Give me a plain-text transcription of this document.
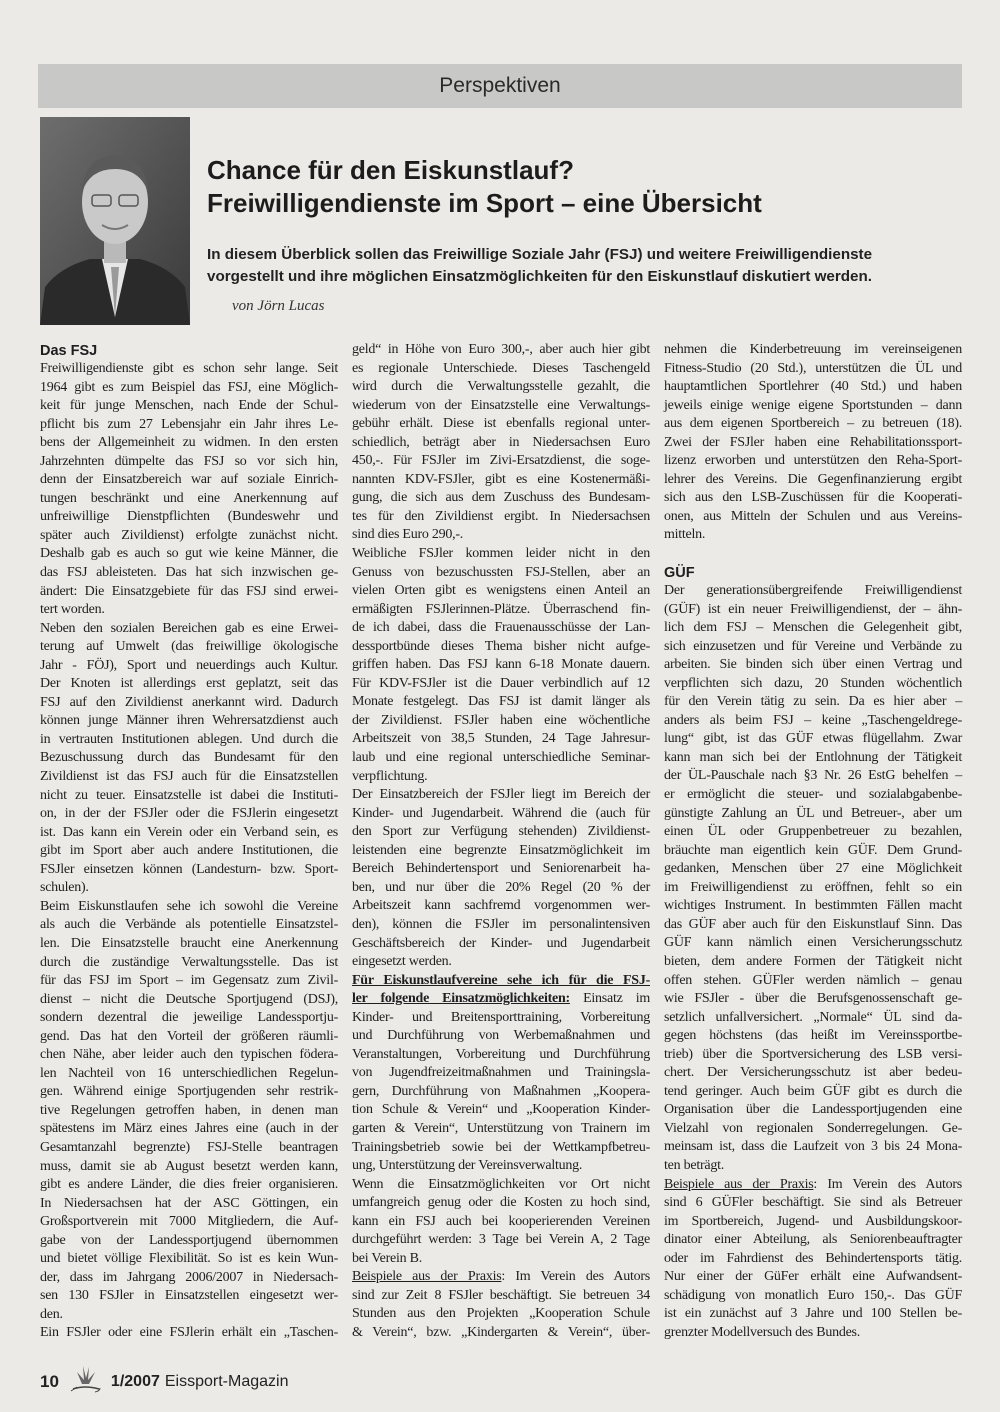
Perspektiven
Chance für den Eiskunstlauf?
Freiwilligendienste im Sport – eine Übersicht
In diesem Überblick sollen das Freiwillige Soziale Jahr (FSJ) und weitere Freiwilligendienste
vorgestellt und ihre möglichen Einsatzmöglichkeiten für den Eiskunstlauf diskutiert werden.
von Jörn Lucas
Das FSJ
Freiwilligendienste gibt es schon sehr lange. Seit
1964 gibt es zum Beispiel das FSJ, eine Möglich-
keit für junge Menschen, nach Ende der Schul-
pflicht bis zum 27 Lebensjahr ein Jahr ihres Le-
bens der Allgemeinheit zu widmen. In den ersten
Jahrzehnten dümpelte das FSJ so vor sich hin,
denn der Einsatzbereich war auf soziale Einrich-
tungen beschränkt und eine Anerkennung auf
unfreiwillige Dienstpflichten (Bundeswehr und
später auch Zivildienst) erfolgte zunächst nicht.
Deshalb gab es auch so gut wie keine Männer, die
das FSJ ableisteten. Das hat sich inzwischen ge-
ändert: Die Einsatzgebiete für das FSJ sind erwei-
tert worden.
Neben den sozialen Bereichen gab es eine Erwei-
terung auf Umwelt (das freiwillige ökologische
Jahr - FÖJ), Sport und neuerdings auch Kultur.
Der Knoten ist allerdings erst geplatzt, seit das
FSJ auf den Zivildienst anerkannt wird. Dadurch
können junge Männer ihren Wehrersatzdienst auch
in vertrauten Institutionen ablegen. Und durch die
Bezuschussung durch das Bundesamt für den
Zivildienst ist das FSJ auch für die Einsatzstellen
nicht zu teuer. Einsatzstelle ist dabei die Instituti-
on, in der der FSJler oder die FSJlerin eingesetzt
ist. Das kann ein Verein oder ein Verband sein, es
gibt im Sport aber auch andere Institutionen, die
FSJler einsetzen können (Landesturn- bzw. Sport-
schulen).
Beim Eiskunstlaufen sehe ich sowohl die Vereine
als auch die Verbände als potentielle Einsatzstel-
len. Die Einsatzstelle braucht eine Anerkennung
durch die zuständige Verwaltungsstelle. Das ist
für das FSJ im Sport – im Gegensatz zum Zivil-
dienst – nicht die Deutsche Sportjugend (DSJ),
sondern dezentral die jeweilige Landessportju-
gend. Das hat den Vorteil der größeren räumli-
chen Nähe, aber leider auch den typischen födera-
len Nachteil von 16 unterschiedlichen Regelun-
gen. Während einige Sportjugenden sehr restrik-
tive Regelungen getroffen haben, in denen man
spätestens im März eines Jahres eine (auch in der
Gesamtanzahl begrenzte) FSJ-Stelle beantragen
muss, damit sie ab August besetzt werden kann,
gibt es andere Länder, die dies freier organisieren.
In Niedersachsen hat der ASC Göttingen, ein
Großsportverein mit 7000 Mitgliedern, die Auf-
gabe von der Landessportjugend übernommen
und bietet völlige Flexibilität. So ist es kein Wun-
der, dass im Jahrgang 2006/2007 in Niedersach-
sen 130 FSJler in Einsatzstellen eingesetzt wer-
den.
Ein FSJler oder eine FSJlerin erhält ein „Taschen-
geld“ in Höhe von Euro 300,-, aber auch hier gibt
es regionale Unterschiede. Dieses Taschengeld
wird durch die Verwaltungsstelle gezahlt, die
wiederum von der Einsatzstelle eine Verwaltungs-
gebühr erhält. Diese ist ebenfalls regional unter-
schiedlich, beträgt aber in Niedersachsen Euro
450,-. Für FSJler im Zivi-Ersatzdienst, die soge-
nannten KDV-FSJler, gibt es eine Kostenermäßi-
gung, die sich aus dem Zuschuss des Bundesam-
tes für den Zivildienst ergibt. In Niedersachsen
sind dies Euro 290,-.
Weibliche FSJler kommen leider nicht in den
Genuss von bezuschussten FSJ-Stellen, aber an
vielen Orten gibt es wenigstens einen Anteil an
ermäßigten FSJlerinnen-Plätze. Überraschend fin-
de ich dabei, dass die Frauenausschüsse der Lan-
dessportbünde dieses Thema bisher nicht aufge-
griffen haben. Das FSJ kann 6-18 Monate dauern.
Für KDV-FSJler ist die Dauer verbindlich auf 12
Monate festgelegt. Das FSJ ist damit länger als
der Zivildienst. FSJler haben eine wöchentliche
Arbeitszeit von 38,5 Stunden, 24 Tage Jahresur-
laub und eine regional unterschiedliche Seminar-
verpflichtung.
Der Einsatzbereich der FSJler liegt im Bereich der
Kinder- und Jugendarbeit. Während die (auch für
den Sport zur Verfügung stehenden) Zivildienst-
leistenden eine begrenzte Einsatzmöglichkeit im
Bereich Behindertensport und Seniorenarbeit ha-
ben, und nur über die 20% Regel (20 % der
Arbeitszeit kann sachfremd vorgenommen wer-
den), können die FSJler im personalintensiven
Geschäftsbereich der Kinder- und Jugendarbeit
eingesetzt werden.
Für Eiskunstlaufvereine sehe ich für die FSJ-
ler folgende Einsatzmöglichkeiten: Einsatz im
Kinder- und Breitensporttraining, Vorbereitung
und Durchführung von Werbemaßnahmen und
Veranstaltungen, Vorbereitung und Durchführung
von Jugendfreizeitmaßnahmen und Trainingsla-
gern, Durchführung von Maßnahmen „Koopera-
tion Schule & Verein“ und „Kooperation Kinder-
garten & Verein“, Unterstützung von Trainern im
Trainingsbetrieb sowie bei der Wettkampfbetreu-
ung, Unterstützung der Vereinsverwaltung.
Wenn die Einsatzmöglichkeiten vor Ort nicht
umfangreich genug oder die Kosten zu hoch sind,
kann ein FSJ auch bei kooperierenden Vereinen
durchgeführt werden: 3 Tage bei Verein A, 2 Tage
bei Verein B.
Beispiele aus der Praxis: Im Verein des Autors
sind zur Zeit 8 FSJler beschäftigt. Sie betreuen 34
Stunden aus den Projekten „Kooperation Schule
& Verein“, bzw. „Kindergarten & Verein“, über-
nehmen die Kinderbetreuung im vereinseigenen
Fitness-Studio (20 Std.), unterstützen die ÜL und
hauptamtlichen Sportlehrer (40 Std.) und haben
jeweils einige wenige eigene Sportstunden – dann
aus dem eigenen Sportbereich – zu betreuen (18).
Zwei der FSJler haben eine Rehabilitationssport-
lizenz erworben und unterstützen den Reha-Sport-
lehrer des Vereins. Die Gegenfinanzierung ergibt
sich aus den LSB-Zuschüssen für die Kooperati-
onen, aus Mitteln der Schulen und aus Vereins-
mitteln.
GÜF
Der generationsübergreifende Freiwilligendienst
(GÜF) ist ein neuer Freiwilligendienst, der – ähn-
lich dem FSJ – Menschen die Gelegenheit gibt,
sich einzusetzen und für Vereine und Verbände zu
arbeiten. Sie binden sich über einen Vertrag und
verpflichten sich dazu, 20 Stunden wöchentlich
für den Verein tätig zu sein. Da es hier aber –
anders als beim FSJ – keine „Taschengeldrege-
lung“ gibt, ist das GÜF etwas flügellahm. Zwar
kann man sich bei der Entlohnung der Tätigkeit
der ÜL-Pauschale nach §3 Nr. 26 EstG behelfen –
er ermöglicht die steuer- und sozialabgabenbe-
günstigte Zahlung an ÜL und Betreuer-, aber um
einen ÜL oder Gruppenbetreuer zu bezahlen,
bräuchte man eigentlich kein GÜF. Dem Grund-
gedanken, Menschen über 27 eine Möglichkeit
im Freiwilligendienst zu eröffnen, fehlt so ein
wichtiges Instrument. In bestimmten Fällen macht
das GÜF aber auch für den Eiskunstlauf Sinn. Das
GÜF kann nämlich einen Versicherungsschutz
bieten, dem andere Formen der Tätigkeit nicht
offen stehen. GÜFler werden nämlich – genau
wie FSJler - über die Berufsgenossenschaft ge-
setzlich unfallversichert. „Normale“ ÜL sind da-
gegen höchstens (das heißt im Vereinssportbe-
trieb) über die Sportversicherung des LSB versi-
chert. Der Versicherungsschutz ist aber bedeu-
tend geringer. Auch beim GÜF gibt es durch die
Organisation über die Landessportjugenden eine
Vielzahl von regionalen Sonderregelungen. Ge-
meinsam ist, dass die Laufzeit von 3 bis 24 Mona-
ten beträgt.
Beispiele aus der Praxis: Im Verein des Autors
sind 6 GÜFler beschäftigt. Sie sind als Betreuer
im Sportbereich, Jugend- und Ausbildungskoor-
dinator einer Abteilung, als Seniorenbeauftragter
oder im Fahrdienst des Behindertensports tätig.
Nur einer der GüFer erhält eine Aufwandsent-
schädigung von monatlich Euro 150,-. Das GÜF
ist ein zunächst auf 3 Jahre und 100 Stellen be-
grenzter Modellversuch des Bundes.
10	1/2007 Eissport-Magazin
